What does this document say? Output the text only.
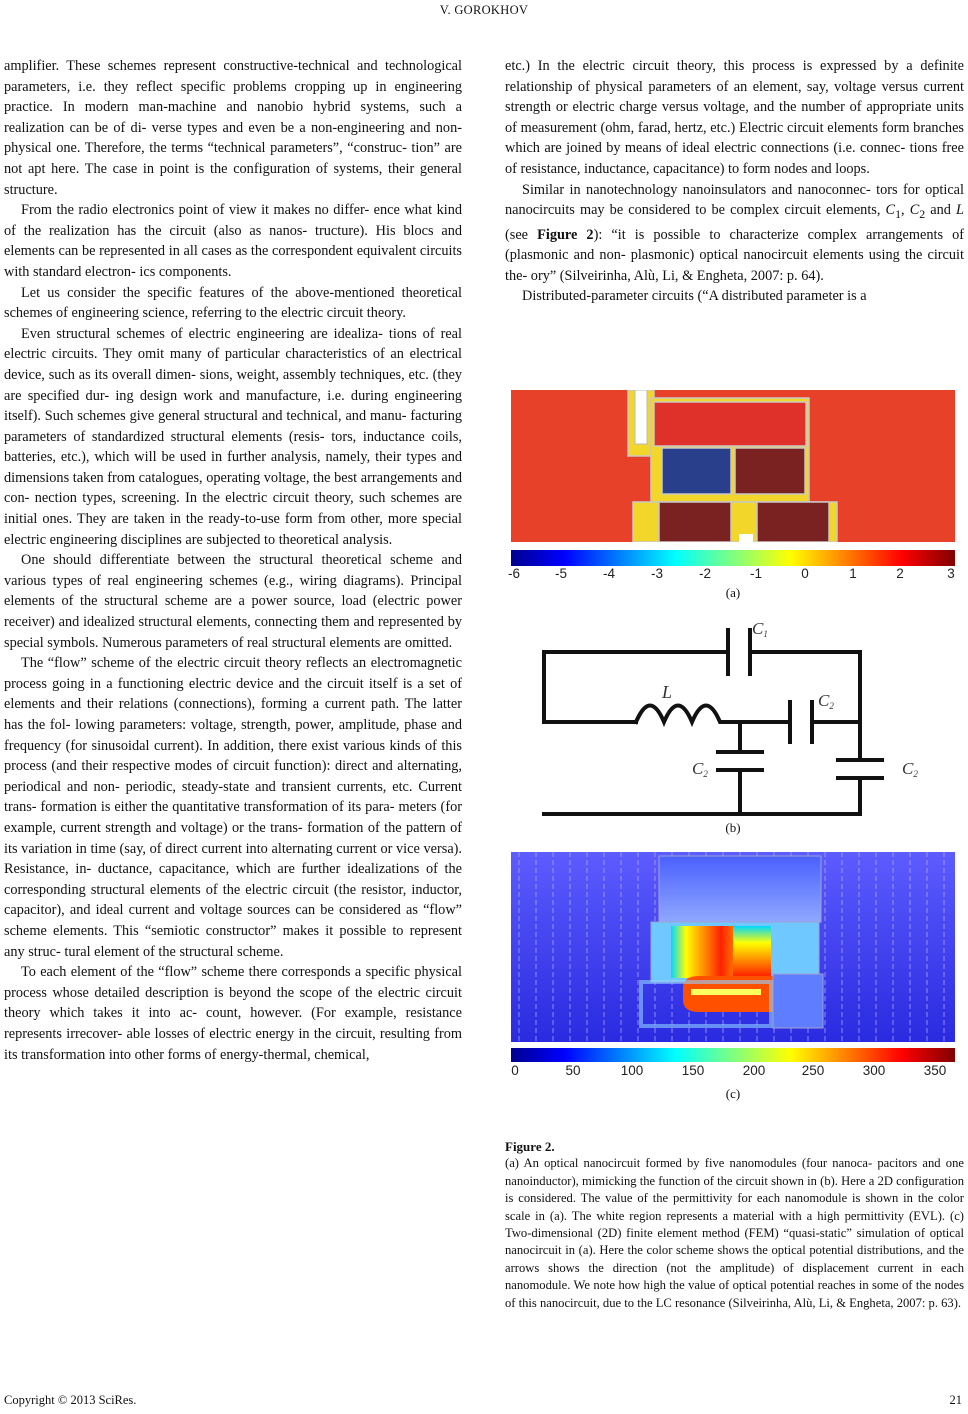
V. GOROKHOV

amplifier. These schemes represent constructive-technical and technological parameters, i.e. they reflect specific problems cropping up in engineering practice. In modern man-machine and nanobio hybrid systems, such a realization can be of di- verse types and even be a non-engineering and non-physical one. Therefore, the terms “technical parameters”, “construc- tion” are not apt here. The case in point is the configuration of systems, their general structure.

From the radio electronics point of view it makes no differ- ence what kind of the realization has the circuit (also as nanos- tructure). His blocs and elements can be represented in all cases as the correspondent equivalent circuits with standard electron- ics components.

Let us consider the specific features of the above-mentioned theoretical schemes of engineering science, referring to the electric circuit theory.

Even structural schemes of electric engineering are idealiza- tions of real electric circuits. They omit many of particular characteristics of an electrical device, such as its overall dimen- sions, weight, assembly techniques, etc. (they are specified dur- ing design work and manufacture, i.e. during engineering itself). Such schemes give general structural and technical, and manu- facturing parameters of standardized structural elements (resis- tors, inductance coils, batteries, etc.), which will be used in further analysis, namely, their types and dimensions taken from catalogues, operating voltage, the best arrangements and con- nection types, screening. In the electric circuit theory, such schemes are initial ones. They are taken in the ready-to-use form from other, more special electric engineering disciplines are subjected to theoretical analysis.

One should differentiate between the structural theoretical scheme and various types of real engineering schemes (e.g., wiring diagrams). Principal elements of the structural scheme are a power source, load (electric power receiver) and idealized structural elements, connecting them and represented by special symbols. Numerous parameters of real structural elements are omitted.

The “flow” scheme of the electric circuit theory reflects an electromagnetic process going in a functioning electric device and the circuit itself is a set of elements and their relations (connections), forming a current path. The latter has the fol- lowing parameters: voltage, strength, power, amplitude, phase and frequency (for sinusoidal current). In addition, there exist various kinds of this process (and their respective modes of circuit function): direct and alternating, periodical and non- periodic, steady-state and transient currents, etc. Current trans- formation is either the quantitative transformation of its para- meters (for example, current strength and voltage) or the trans- formation of the pattern of its variation in time (say, of direct current into alternating current or vice versa). Resistance, in- ductance, capacitance, which are further idealizations of the corresponding structural elements of the electric circuit (the resistor, inductor, capacitor), and ideal current and voltage sources can be considered as “flow” scheme elements. This “semiotic constructor” makes it possible to represent any struc- tural element of the structural scheme.

To each element of the “flow” scheme there corresponds a specific physical process whose detailed description is beyond the scope of the electric circuit theory which takes it into ac- count, however. (For example, resistance represents irrecover- able losses of electric energy in the circuit, resulting from its transformation into other forms of energy-thermal, chemical,

etc.) In the electric circuit theory, this process is expressed by a definite relationship of physical parameters of an element, say, voltage versus current strength or electric charge versus voltage, and the number of appropriate units of measurement (ohm, farad, hertz, etc.) Electric circuit elements form branches which are joined by means of ideal electric connections (i.e. connec- tions free of resistance, inductance, capacitance) to form nodes and loops.

Similar in nanotechnology nanoinsulators and nanoconnec- tors for optical nanocircuits may be considered to be complex circuit elements, $C_1$, $C_2$ and L (see Figure 2): “it is possible to characterize complex arrangements of (plasmonic and non- plasmonic) optical nanocircuit elements using the circuit the- ory” (Silveirinha, Alù, Li, & Engheta, 2007: p. 64).

Distributed-parameter circuits (“A distributed parameter is a

-6	-5	-4	-3	-2	-1	0	1	2	3
(a)
C1
L	C2
C2	C2
(b)
0	50	100	150	200	250	300	350
(c)
Figure 2.
(a) An optical nanocircuit formed by five nanomodules (four nanoca- pacitors and one nanoinductor), mimicking the function of the circuit shown in (b). Here a 2D configuration is considered. The value of the permittivity for each nanomodule is shown in the color scale in (a). The white region represents a material with a high permittivity (EVL). (c) Two-dimensional (2D) finite element method (FEM) “quasi-static” simulation of optical nanocircuit in (a). Here the color scheme shows the optical potential distributions, and the arrows shows the direction (not the amplitude) of displacement current in each nanomodule. We note how high the value of optical potential reaches in some of the nodes of this nanocircuit, due to the LC resonance (Silveirinha, Alù, Li, & Engheta, 2007: p. 63).
Copyright © 2013 SciRes.	21
